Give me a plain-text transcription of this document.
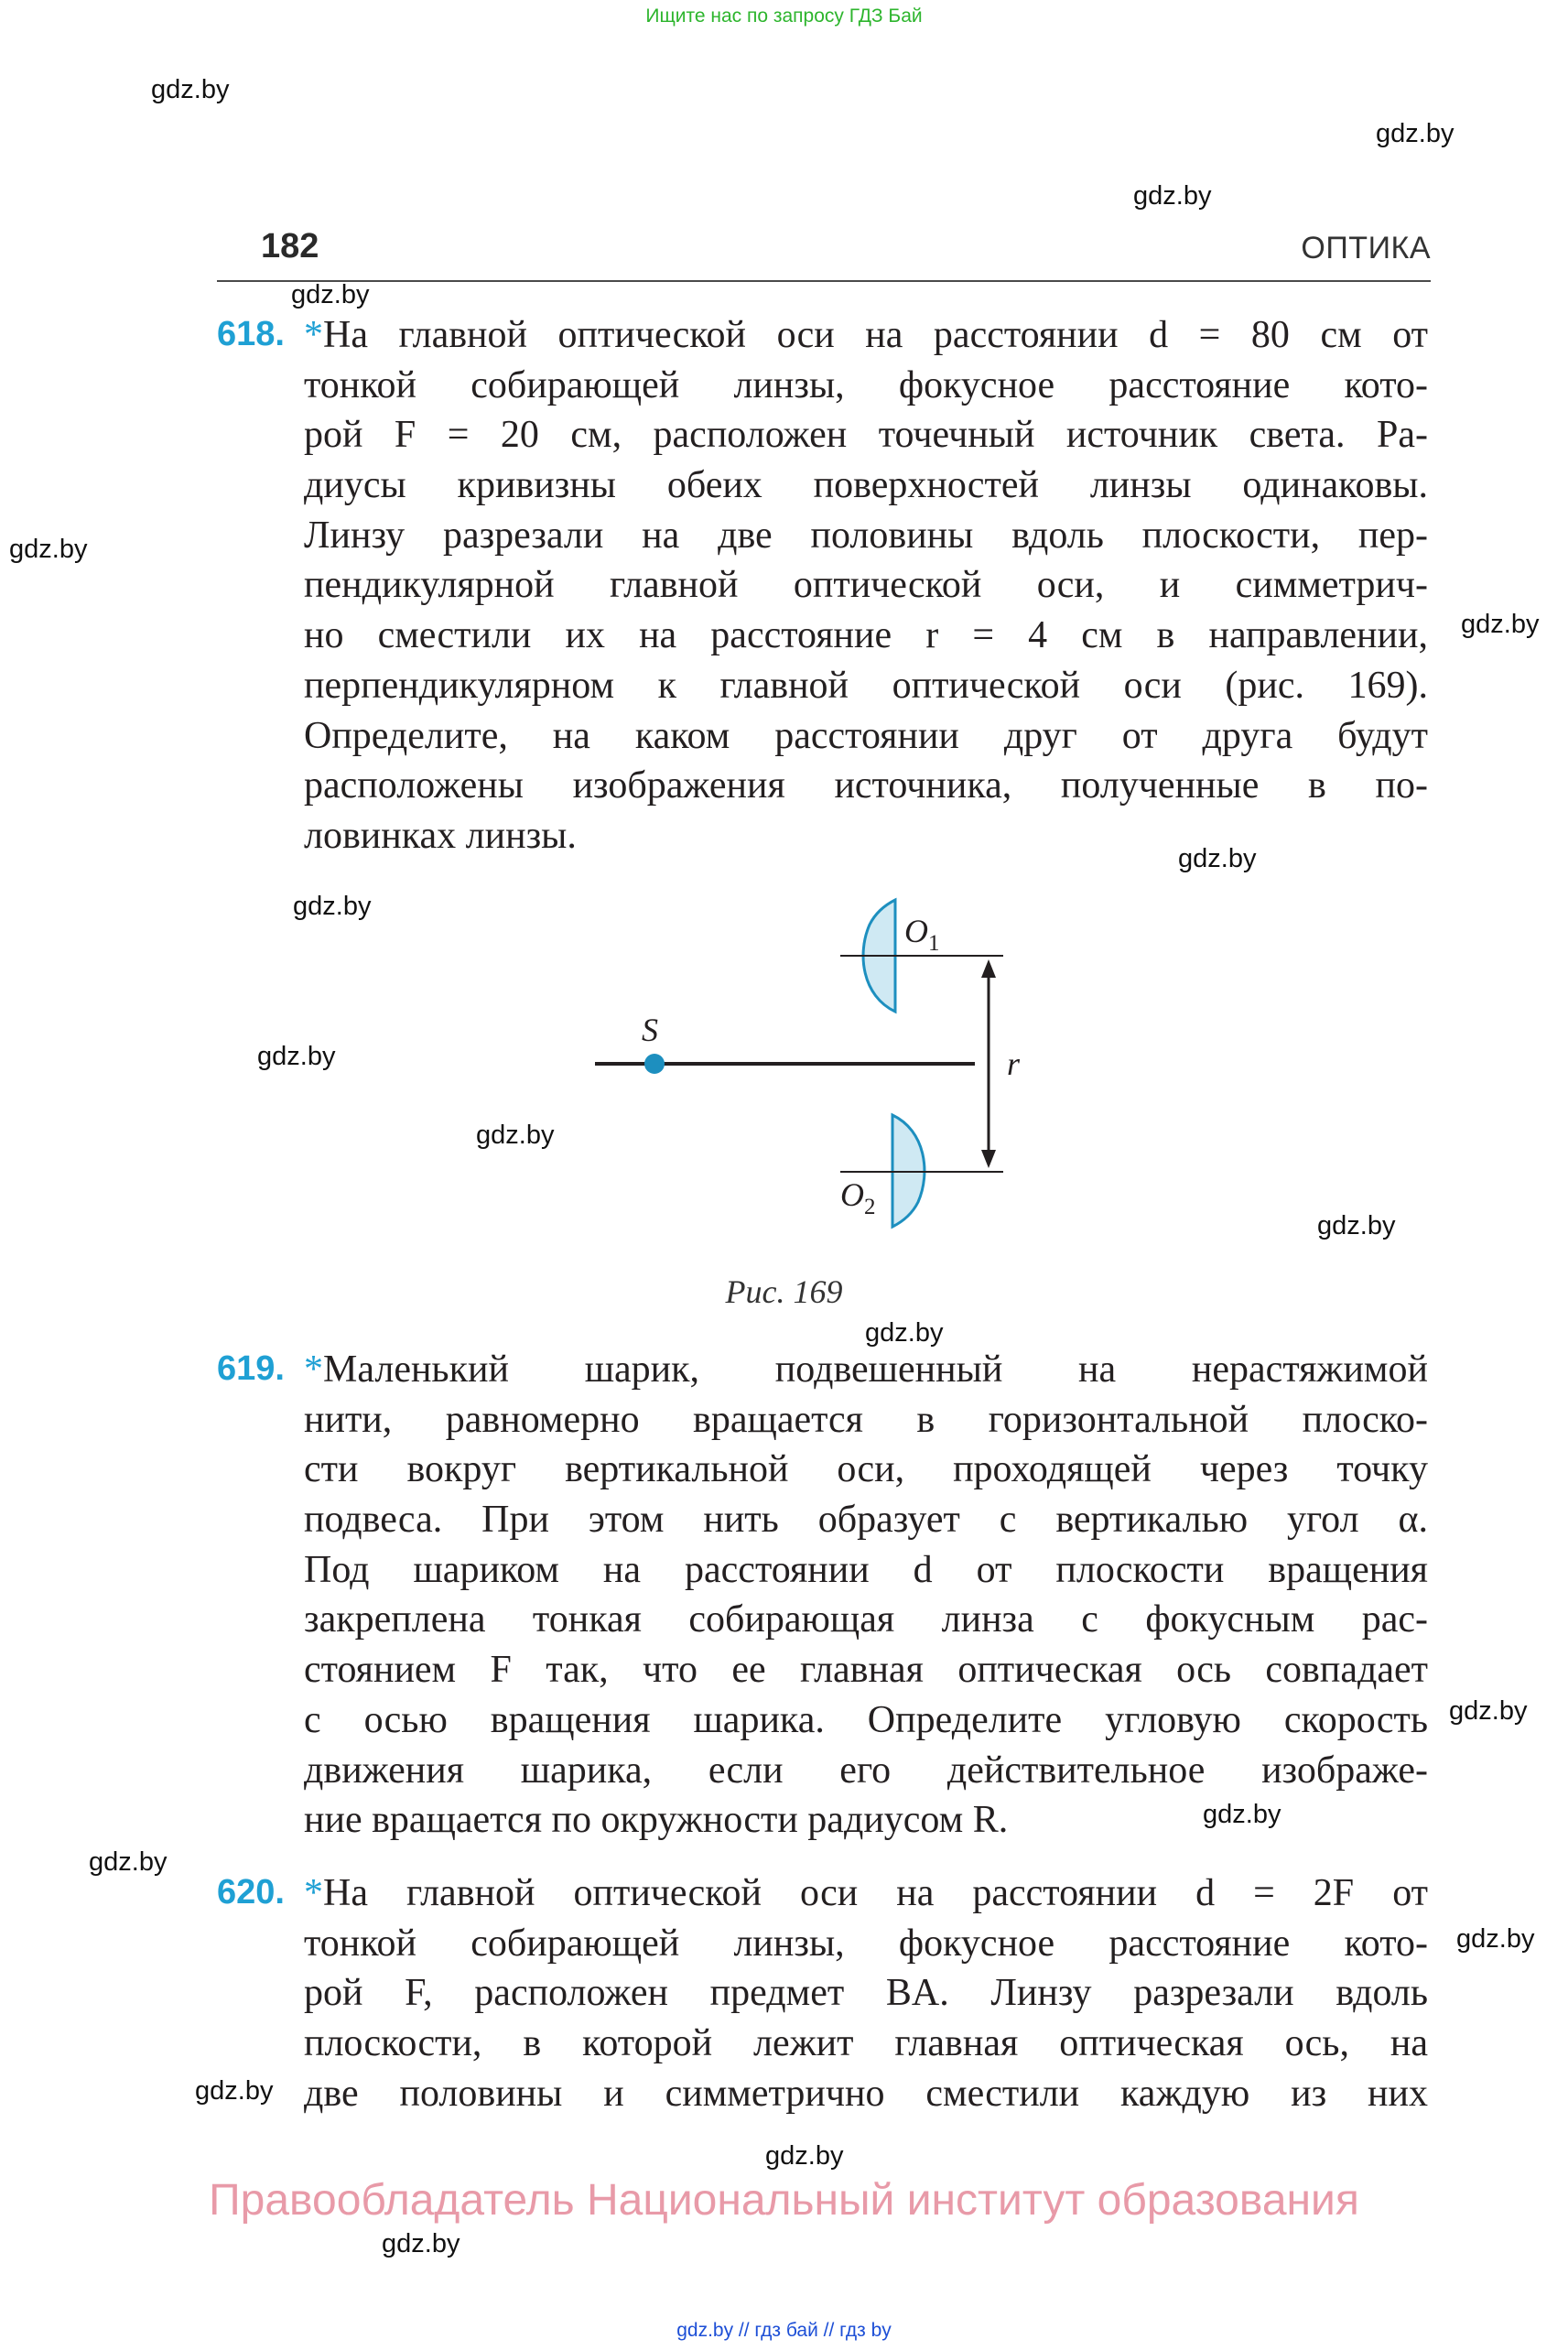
Ищите нас по запросу ГДЗ Бай
gdz.by
gdz.by
gdz.by
gdz.by
gdz.by
gdz.by
gdz.by
gdz.by
gdz.by
gdz.by
gdz.by
gdz.by
gdz.by
gdz.by
gdz.by
gdz.by
gdz.by
gdz.by
gdz.by
182	ОПТИКА
618. *На главной оптической оси на расстоянии d = 80 см от
тонкой собирающей линзы, фокусное расстояние кото-
рой F = 20 см, расположен точечный источник света. Ра-
диусы кривизны обеих поверхностей линзы одинаковы.
Линзу разрезали на две половины вдоль плоскости, пер-
пендикулярной главной оптической оси, и симметрич-
но сместили их на расстояние r = 4 см в направлении,
перпендикулярном к главной оптической оси (рис. 169).
Определите, на каком расстоянии друг от друга будут
расположены изображения источника, полученные в по-
ловинках линзы.
S
O 1
O 2
r
Рис. 169
619. *Маленький шарик, подвешенный на нерастяжимой
нити, равномерно вращается в горизонтальной плоско-
сти вокруг вертикальной оси, проходящей через точку
подвеса. При этом нить образует с вертикалью угол α.
Под шариком на расстоянии d от плоскости вращения
закреплена тонкая собирающая линза с фокусным рас-
стоянием F так, что ее главная оптическая ось совпадает
с осью вращения шарика. Определите угловую скорость
движения шарика, если его действительное изображе-
ние вращается по окружности радиусом R.
620. *На главной оптической оси на расстоянии d = 2F от
тонкой собирающей линзы, фокусное расстояние кото-
рой F, расположен предмет BA. Линзу разрезали вдоль
плоскости, в которой лежит главная оптическая ось, на
две половины и симметрично сместили каждую из них
Правообладатель Национальный институт образования
gdz.by // гдз бай // гдз by
